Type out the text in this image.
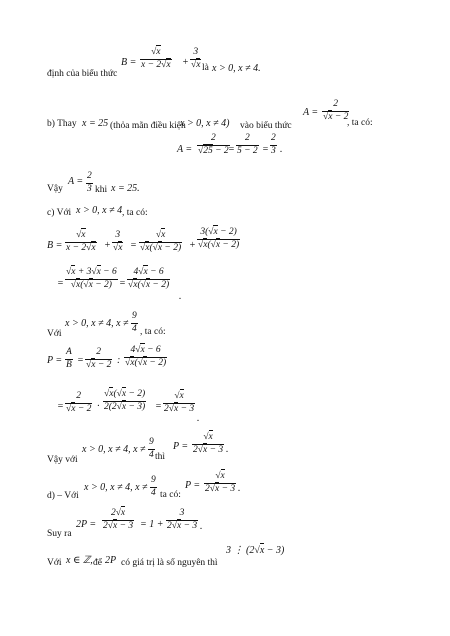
định của biểu thức
$B = \frac{√x}{x - 2√x} + \frac{3}{√x}$ là x > 0, x ≠ 4.
b) Thay x = 25 (thỏa mãn điều kiện
x > 0, x ≠ 4) vào biểu thức
$A = \frac{2}{√x - 2}$
, ta có:
$A = \frac{2}{√25 - 2}$
= $\frac{2}{5 - 2} = \frac{2}{3}$ .
Vậy
$A = \frac{2}{3}$ khi x = 25.
c) Với x > 0, x ≠ 4 , ta có:
$B = \frac{√x}{x - 2√x} + \frac{3}{√x} = \frac{√x}{√x(√x - 2)} + \frac{3(√x - 2)}{√x(√x - 2)}$
= $\frac{√x + 3√x - 6}{√x(√x - 2)} = \frac{4√x - 6}{√x(√x - 2)}$
.
Với
x > 0, x ≠ 4, $x \ne \frac{9}{4}$ , ta có:
$P = \frac{A}{B} = \frac{2}{√x - 2}$ : $\frac{4√x - 6}{√x(√x - 2)}$
= $\frac{2}{√x - 2} \cdot \frac{√x(√x - 2)}{2(2√x - 3)} = \frac{√x}{2√x - 3}$
.
Vậy với
x > 0, x ≠ 4, $x \ne \frac{9}{4}$ thì
$P = \frac{√x}{2√x - 3}$ .
d) – Với
x > 0, x ≠ 4, $x \ne \frac{9}{4}$ ta có:
$P = \frac{√x}{2√x - 3}$ .
Suy ra
$2P = \frac{2√x}{2√x - 3} = 1 + \frac{3}{2√x - 3}$ .
Với x ∈ ℤ, để 2P có giá trị là số nguyên thì
3 ⋮ (2√x − 3)
